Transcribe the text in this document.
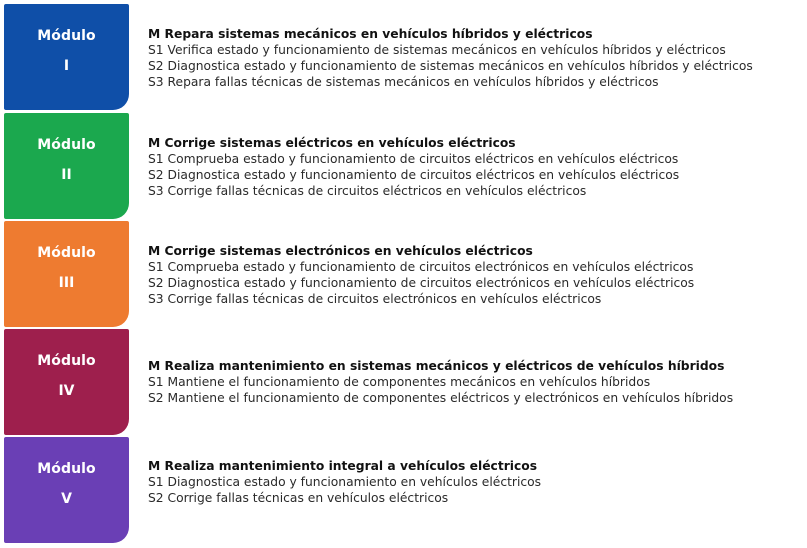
Módulo
I
M Repara sistemas mecánicos en vehículos híbridos y eléctricos
S1 Verifica estado y funcionamiento de sistemas mecánicos en vehículos híbridos y eléctricos
S2 Diagnostica estado y funcionamiento de sistemas mecánicos en vehículos híbridos y eléctricos
S3 Repara fallas técnicas de sistemas mecánicos en vehículos híbridos y eléctricos
Módulo
II
M Corrige sistemas eléctricos en vehículos eléctricos
S1 Comprueba estado y funcionamiento de circuitos eléctricos en vehículos eléctricos
S2 Diagnostica estado y funcionamiento de circuitos eléctricos en vehículos eléctricos
S3 Corrige fallas técnicas de circuitos eléctricos en vehículos eléctricos
Módulo
III
M Corrige sistemas electrónicos en vehículos eléctricos
S1 Comprueba estado y funcionamiento de circuitos electrónicos en vehículos eléctricos
S2 Diagnostica estado y funcionamiento de circuitos electrónicos en vehículos eléctricos
S3 Corrige fallas técnicas de circuitos electrónicos en vehículos eléctricos
Módulo
IV
M Realiza mantenimiento en sistemas mecánicos y eléctricos de vehículos híbridos
S1 Mantiene el funcionamiento de componentes mecánicos en vehículos híbridos
S2 Mantiene el funcionamiento de componentes eléctricos y electrónicos en vehículos híbridos
Módulo
V
M Realiza mantenimiento integral a vehículos eléctricos
S1 Diagnostica estado y funcionamiento en vehículos eléctricos
S2 Corrige fallas técnicas en vehículos eléctricos
